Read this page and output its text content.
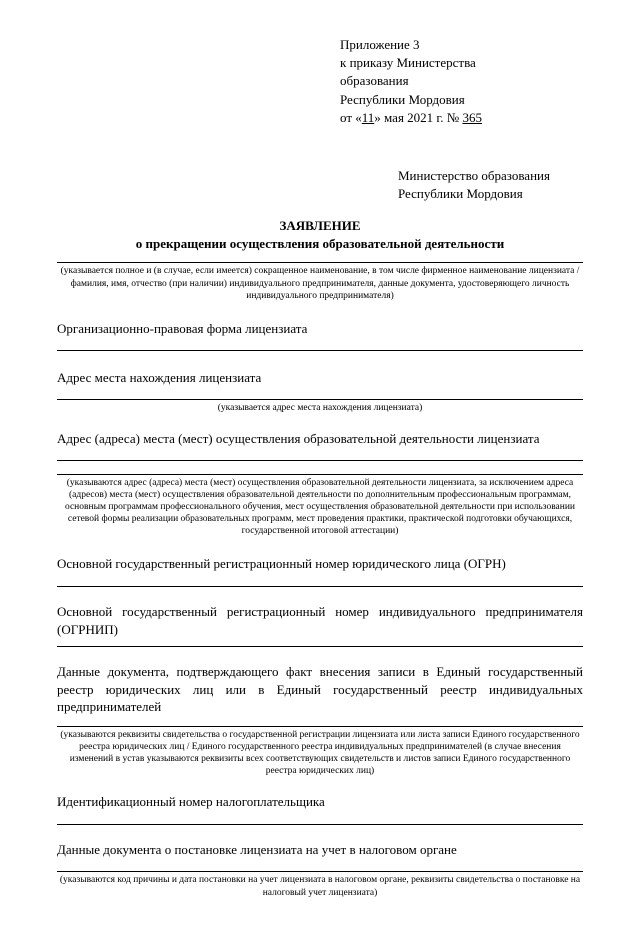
Приложение 3
к приказу Министерства
образования
Республики Мордовия
от «11» мая 2021 г. № 365
Министерство образования
Республики Мордовия
ЗАЯВЛЕНИЕ
о прекращении осуществления образовательной деятельности
(указывается полное и (в случае, если имеется) сокращенное наименование, в том числе фирменное наименование лицензиата / фамилия, имя, отчество (при наличии) индивидуального предпринимателя, данные документа, удостоверяющего личность индивидуального предпринимателя)
Организационно-правовая форма лицензиата
Адрес места нахождения лицензиата
(указывается адрес места нахождения лицензиата)
Адрес (адреса) места (мест) осуществления образовательной деятельности лицензиата
(указываются адрес (адреса) места (мест) осуществления образовательной деятельности лицензиата, за исключением адреса (адресов) места (мест) осуществления образовательной деятельности по дополнительным профессиональным программам, основным программам профессионального обучения, мест осуществления образовательной деятельности при использовании сетевой формы реализации образовательных программ, мест проведения практики, практической подготовки обучающихся, государственной итоговой аттестации)
Основной государственный регистрационный номер юридического лица (ОГРН)
Основной государственный регистрационный номер индивидуального предпринимателя (ОГРНИП)
Данные документа, подтверждающего факт внесения записи в Единый государственный реестр юридических лиц или в Единый государственный реестр индивидуальных предпринимателей
(указываются реквизиты свидетельства о государственной регистрации лицензиата или листа записи Единого государственного реестра юридических лиц / Единого государственного реестра индивидуальных предпринимателей (в случае внесения изменений в устав указываются реквизиты всех соответствующих свидетельств и листов записи Единого государственного реестра юридических лиц)
Идентификационный номер налогоплательщика
Данные документа о постановке лицензиата на учет в налоговом органе
(указываются код причины и дата постановки на учет лицензиата в налоговом органе, реквизиты свидетельства о постановке на налоговый учет лицензиата)
